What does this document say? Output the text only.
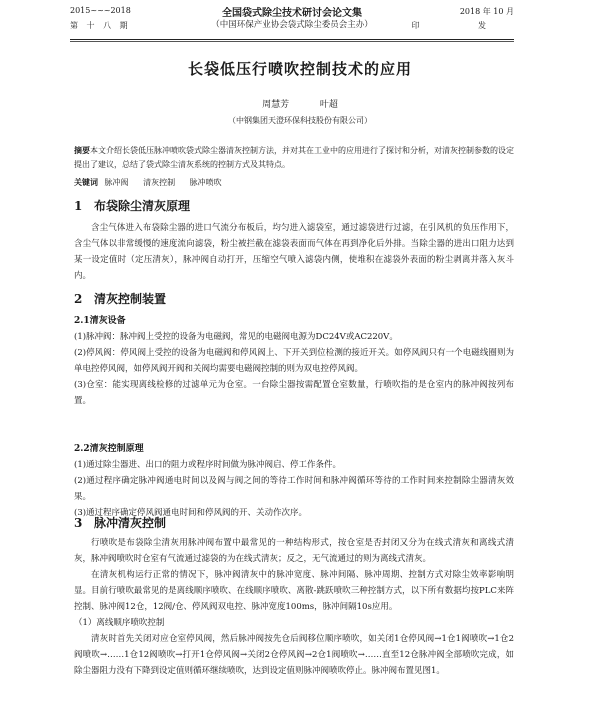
2015~~~2018
第 十 八 期
全国袋式除尘技术研讨会论文集
（中国环保产业协会袋式除尘委员会主办）
2018 年 10 月
印 发
长袋低压行喷吹控制技术的应用
周慧芳 叶超
（中钢集团天澄环保科技股份有限公司）
摘要本文介绍长袋低压脉冲喷吹袋式除尘器清灰控制方法，并对其在工业中的应用进行了探讨和分析，对清灰控制参数的设定提出了建议，总结了袋式除尘清灰系统的控制方式及其特点。
关键词 脉冲阀 清灰控制 脉冲喷吹
1 布袋除尘清灰原理

含尘气体进入布袋除尘器的进口气流分布板后，均匀进入滤袋室，通过滤袋进行过滤，在引风机的负压作用下，含尘气体以非常缓慢的速度流向滤袋，粉尘被拦截在滤袋表面而气体在再到净化后外排。当除尘器的进出口阻力达到某一设定值时（定压清灰），脉冲阀自动打开，压缩空气喷入滤袋内侧，使堆积在滤袋外表面的粉尘剥离并落入灰斗内。

2 清灰控制装置
2.1清灰设备

(1)脉冲阀：脉冲阀上受控的设备为电磁阀，常见的电磁阀电源为DC24V或AC220V。

(2)停风阀：停风阀上受控的设备为电磁阀和停风阀上、下开关到位检测的接近开关。如停风阀只有一个电磁线圈则为单电控停风阀，如停风阀开阀和关阀均需要电磁阀控制的则为双电控停风阀。

(3)仓室：能实现离线检修的过滤单元为仓室。一台除尘器按需配置仓室数量，行喷吹指的是仓室内的脉冲阀按列布置。

2.2清灰控制原理

(1)通过除尘器进、出口的阻力或程序时间做为脉冲阀启、停工作条件。

(2)通过程序确定脉冲阀通电时间以及阀与阀之间的等待工作时间和脉冲阀循环等待的工作时间来控制除尘器清灰效果。

(3)通过程序确定停风阀通电时间和停风阀的开、关动作次序。

3 脉冲清灰控制

行喷吹是布袋除尘清灰用脉冲阀布置中最常见的一种结构形式，按仓室是否封闭又分为在线式清灰和离线式清灰，脉冲阀喷吹时仓室有气流通过滤袋的为在线式清灰；反之，无气流通过的则为离线式清灰。

在清灰机构运行正常的情况下，脉冲阀清灰中的脉冲宽度、脉冲间隔、脉冲周期、控制方式对除尘效率影响明显。目前行喷吹最常见的是离线顺序喷吹、在线顺序喷吹、离散-跳跃喷吹三种控制方式，以下所有数据均按PLC来阵控制、脉冲阀12仓，12阀/仓、停风阀双电控、脉冲宽度100ms，脉冲间隔10s应用。

（1）离线顺序喷吹控制

清灰时首先关闭对应仓室停风阀，然后脉冲阀按先仓后阀移位顺序喷吹，如关闭1仓停风阀→1仓1阀喷吹→1仓2阀喷吹→……1仓12阀喷吹→打开1仓停风阀→关闭2仓停风阀→2仓1阀喷吹→……直至12仓脉冲阀全部喷吹完成，如除尘器阻力没有下降到设定值则循环继续喷吹，达到设定值则脉冲阀喷吹停止。脉冲阀布置见图1。
